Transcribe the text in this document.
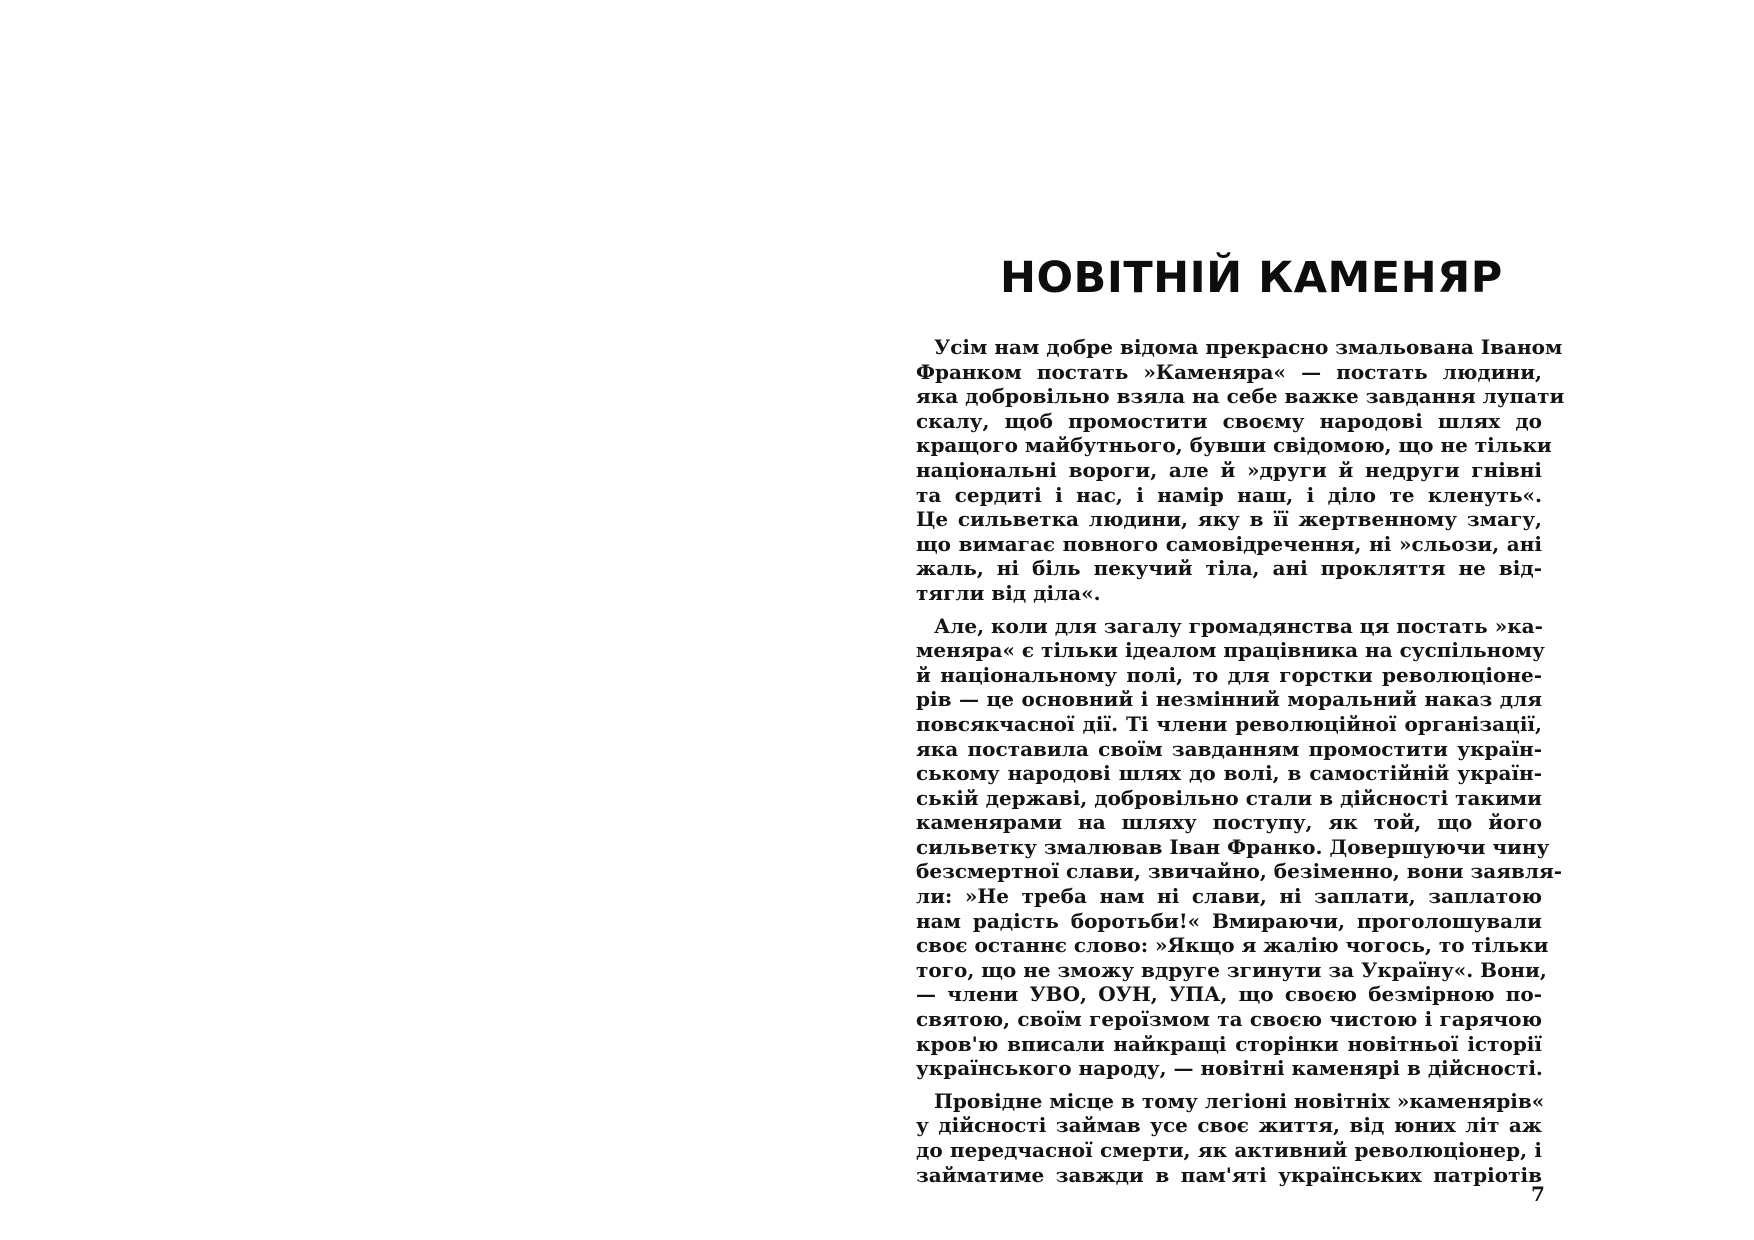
НОВІТНІЙ КАМЕНЯР
Усім нам добре відома прекрасно змальована Іваном
Франком постать »Каменяра« — постать людини,
яка добровільно взяла на себе важке завдання лупати
скалу, щоб промостити своєму народові шлях до
кращого майбутнього, бувши свідомою, що не тільки
національні вороги, але й »други й недруги гнівні
та сердиті і нас, і намір наш, і діло те кленуть«.
Це сильветка людини, яку в її жертвенному змагу,
що вимагає повного самовідречення, ні »сльози, ані
жаль, ні біль пекучий тіла, ані прокляття не від-
тягли від діла«.
Але, коли для загалу громадянства ця постать »ка-
меняра« є тільки ідеалом працівника на суспільному
й національному полі, то для горстки революціоне-
рів — це основний і незмінний моральний наказ для
повсякчасної дії. Ті члени революційної організації,
яка поставила своїм завданням промостити україн-
ському народові шлях до волі, в самостійній україн-
ській державі, добровільно стали в дійсності такими
каменярами на шляху поступу, як той, що його
сильветку змалював Іван Франко. Довершуючи чину
безсмертної слави, звичайно, безіменно, вони заявля-
ли: »Не треба нам ні слави, ні заплати, заплатою
нам радість боротьби!« Вмираючи, проголошували
своє останнє слово: »Якщо я жалію чогось, то тільки
того, що не зможу вдруге згинути за Україну«. Вони,
— члени УВО, ОУН, УПА, що своєю безмірною по-
святою, своїм героїзмом та своєю чистою і гарячою
кров'ю вписали найкращі сторінки новітньої історії
українського народу, — новітні каменярі в дійсності.
Провідне місце в тому легіоні новітніх »каменярів«
у дійсності займав усе своє життя, від юних літ аж
до передчасної смерти, як активний революціонер, і
займатиме завжди в пам'яті українських патріотів
7
